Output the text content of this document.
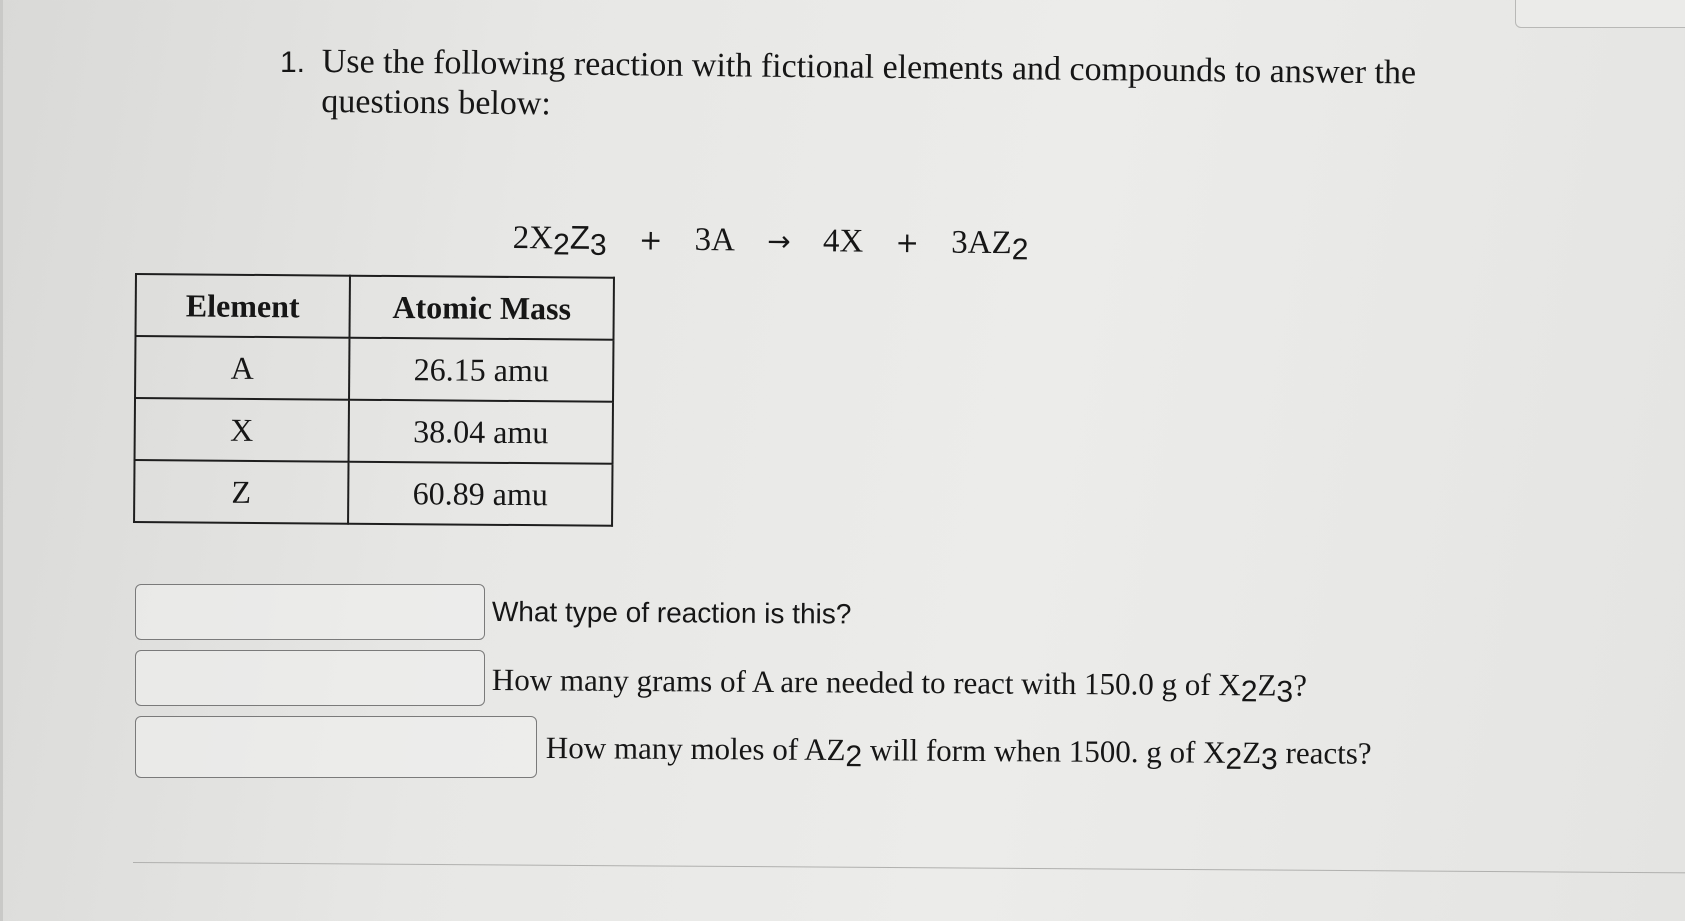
1. Use the following reaction with fictional elements and compounds to answer the questions below:
2X2Z3 + 3A → 4X + 3AZ2
Element	Atomic Mass
A	26.15 amu
X	38.04 amu
Z	60.89 amu
What type of reaction is this?
How many grams of A are needed to react with 150.0 g of X2Z3?
How many moles of AZ2 will form when 1500. g of X2Z3 reacts?
